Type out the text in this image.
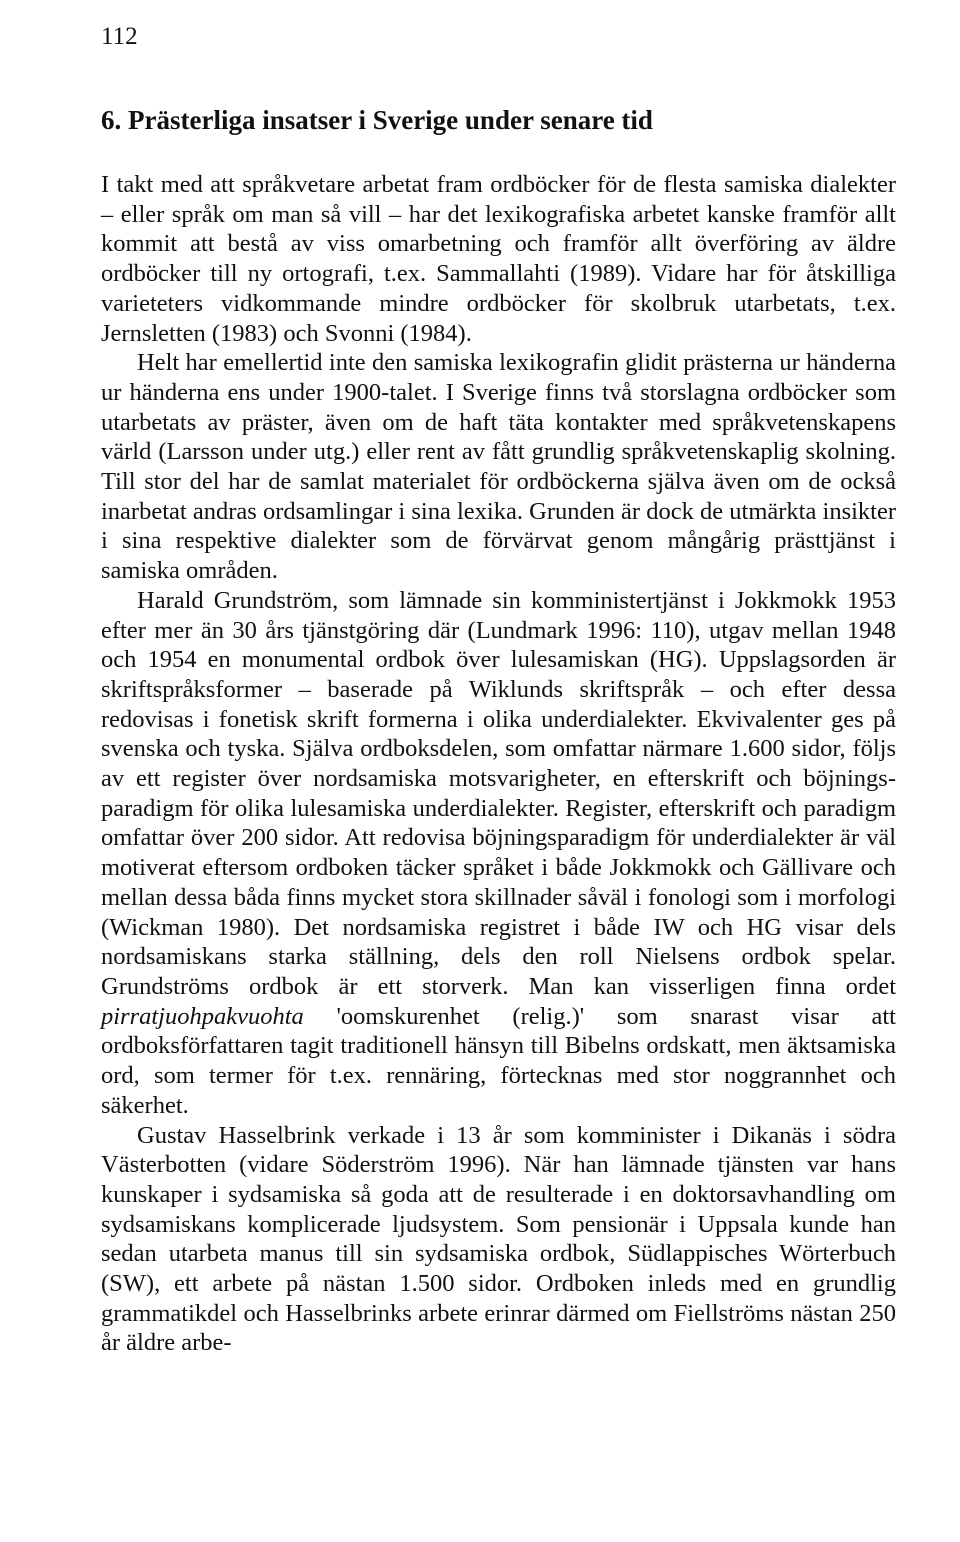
112
6. Prästerliga insatser i Sverige under senare tid

I takt med att språkvetare arbetat fram ordböcker för de flesta samiska dialekter – eller språk om man så vill – har det lexikografiska arbetet kanske framför allt kommit att bestå av viss omarbetning och framför allt överföring av äldre ordböcker till ny ortografi, t.ex. Sammallahti (1989). Vidare har för åtskilliga varieteters vidkommande mindre ordböcker för skolbruk utarbetats, t.ex. Jernsletten (1983) och Svonni (1984).

Helt har emellertid inte den samiska lexikografin glidit prästerna ur händerna ur händerna ens under 1900-talet. I Sverige finns två storslagna ordböcker som utarbetats av präster, även om de haft täta kontakter med språkvetenskapens värld (Larsson under utg.) eller rent av fått grundlig språkvetenskaplig skolning. Till stor del har de samlat materialet för ordböckerna själva även om de också inarbetat andras ordsamlingar i sina lexika. Grunden är dock de utmärkta insikter i sina respektive dialekter som de förvärvat genom mångårig prästtjänst i samiska områden.

Harald Grundström, som lämnade sin komministertjänst i Jokkmokk 1953 efter mer än 30 års tjänstgöring där (Lundmark 1996: 110), utgav mellan 1948 och 1954 en monumental ordbok över lulesamiskan (HG). Uppslagsorden är skriftspråksformer – baserade på Wiklunds skriftspråk – och efter dessa redovisas i fonetisk skrift formerna i olika underdialekter. Ekvivalenter ges på svenska och tyska. Själva ordboksdelen, som omfattar närmare 1.600 sidor, följs av ett register över nordsamiska motsvarigheter, en efterskrift och böjningsparadigm för olika lulesamiska underdialekter. Register, efterskrift och paradigm omfattar över 200 sidor. Att redovisa böjningsparadigm för underdialekter är väl motiverat eftersom ordboken täcker språket i både Jokkmokk och Gällivare och mellan dessa båda finns mycket stora skillnader såväl i fonologi som i morfologi (Wickman 1980). Det nordsamiska registret i både IW och HG visar dels nordsamiskans starka ställning, dels den roll Nielsens ordbok spelar. Grundströms ordbok är ett storverk. Man kan visserligen finna ordet pirratjuohpakvuohta 'oomskurenhet (relig.)' som snarast visar att ordboksförfattaren tagit traditionell hänsyn till Bibelns ordskatt, men äktsamiska ord, som termer för t.ex. rennäring, förtecknas med stor noggrannhet och säkerhet.

Gustav Hasselbrink verkade i 13 år som komminister i Dikanäs i södra Västerbotten (vidare Söderström 1996). När han lämnade tjänsten var hans kunskaper i sydsamiska så goda att de resulterade i en doktorsavhandling om sydsamiskans komplicerade ljudsystem. Som pensionär i Uppsala kunde han sedan utarbeta manus till sin sydsamiska ordbok, Südlappisches Wörterbuch (SW), ett arbete på nästan 1.500 sidor. Ordboken inleds med en grundlig grammatikdel och Hasselbrinks arbete erinrar därmed om Fiellströms nästan 250 år äldre arbe-
